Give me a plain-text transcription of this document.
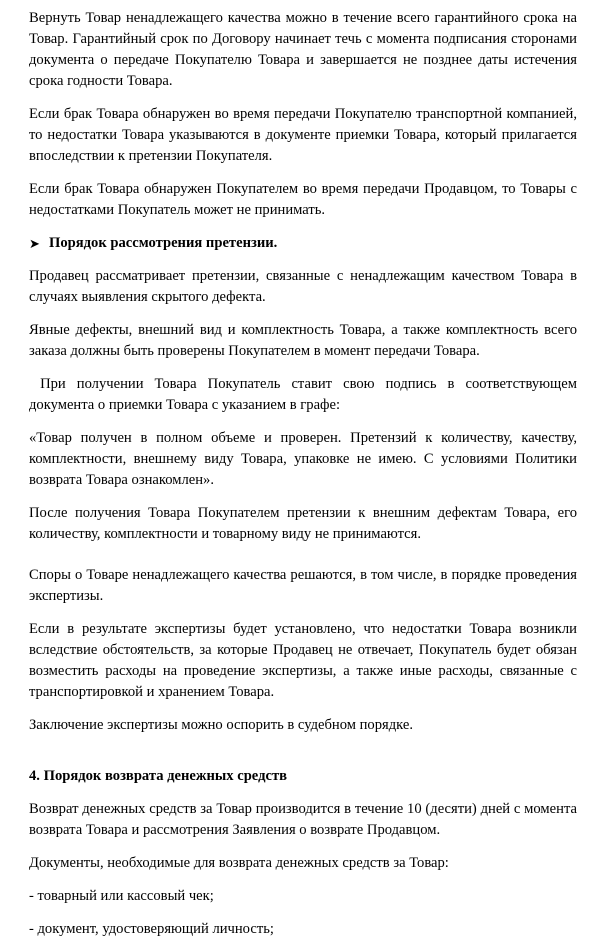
Вернуть Товар ненадлежащего качества можно в течение всего гарантийного срока на Товар. Гарантийный срок по Договору начинает течь с момента подписания сторонами документа о передаче Покупателю Товара и завершается не позднее даты истечения срока годности Товара.

Если брак Товара обнаружен во время передачи Покупателю транспортной компанией, то недостатки Товара указываются в документе приемки Товара, который прилагается впоследствии к претензии Покупателя.

Если брак Товара обнаружен Покупателем во время передачи Продавцом, то Товары с недостатками Покупатель может не принимать.

➤ Порядок рассмотрения претензии.

Продавец рассматривает претензии, связанные с ненадлежащим качеством Товара в случаях выявления скрытого дефекта.

Явные дефекты, внешний вид и комплектность Товара, а также комплектность всего заказа должны быть проверены Покупателем в момент передачи Товара.

При получении Товара Покупатель ставит свою подпись в соответствующем документа о приемки Товара с указанием в графе:

«Товар получен в полном объеме и проверен. Претензий к количеству, качеству, комплектности, внешнему виду Товара, упаковке не имею. С условиями Политики возврата Товара ознакомлен».

После получения Товара Покупателем претензии к внешним дефектам Товара, его количеству, комплектности и товарному виду не принимаются.

Споры о Товаре ненадлежащего качества решаются, в том числе, в порядке проведения экспертизы.

Если в результате экспертизы будет установлено, что недостатки Товара возникли вследствие обстоятельств, за которые Продавец не отвечает, Покупатель будет обязан возместить расходы на проведение экспертизы, а также иные расходы, связанные с транспортировкой и хранением Товара.

Заключение экспертизы можно оспорить в судебном порядке.

4. Порядок возврата денежных средств

Возврат денежных средств за Товар производится в течение 10 (десяти) дней с момента возврата Товара и рассмотрения Заявления о возврате Продавцом.

Документы, необходимые для возврата денежных средств за Товар:

- товарный или кассовый чек;

- документ, удостоверяющий личность;
